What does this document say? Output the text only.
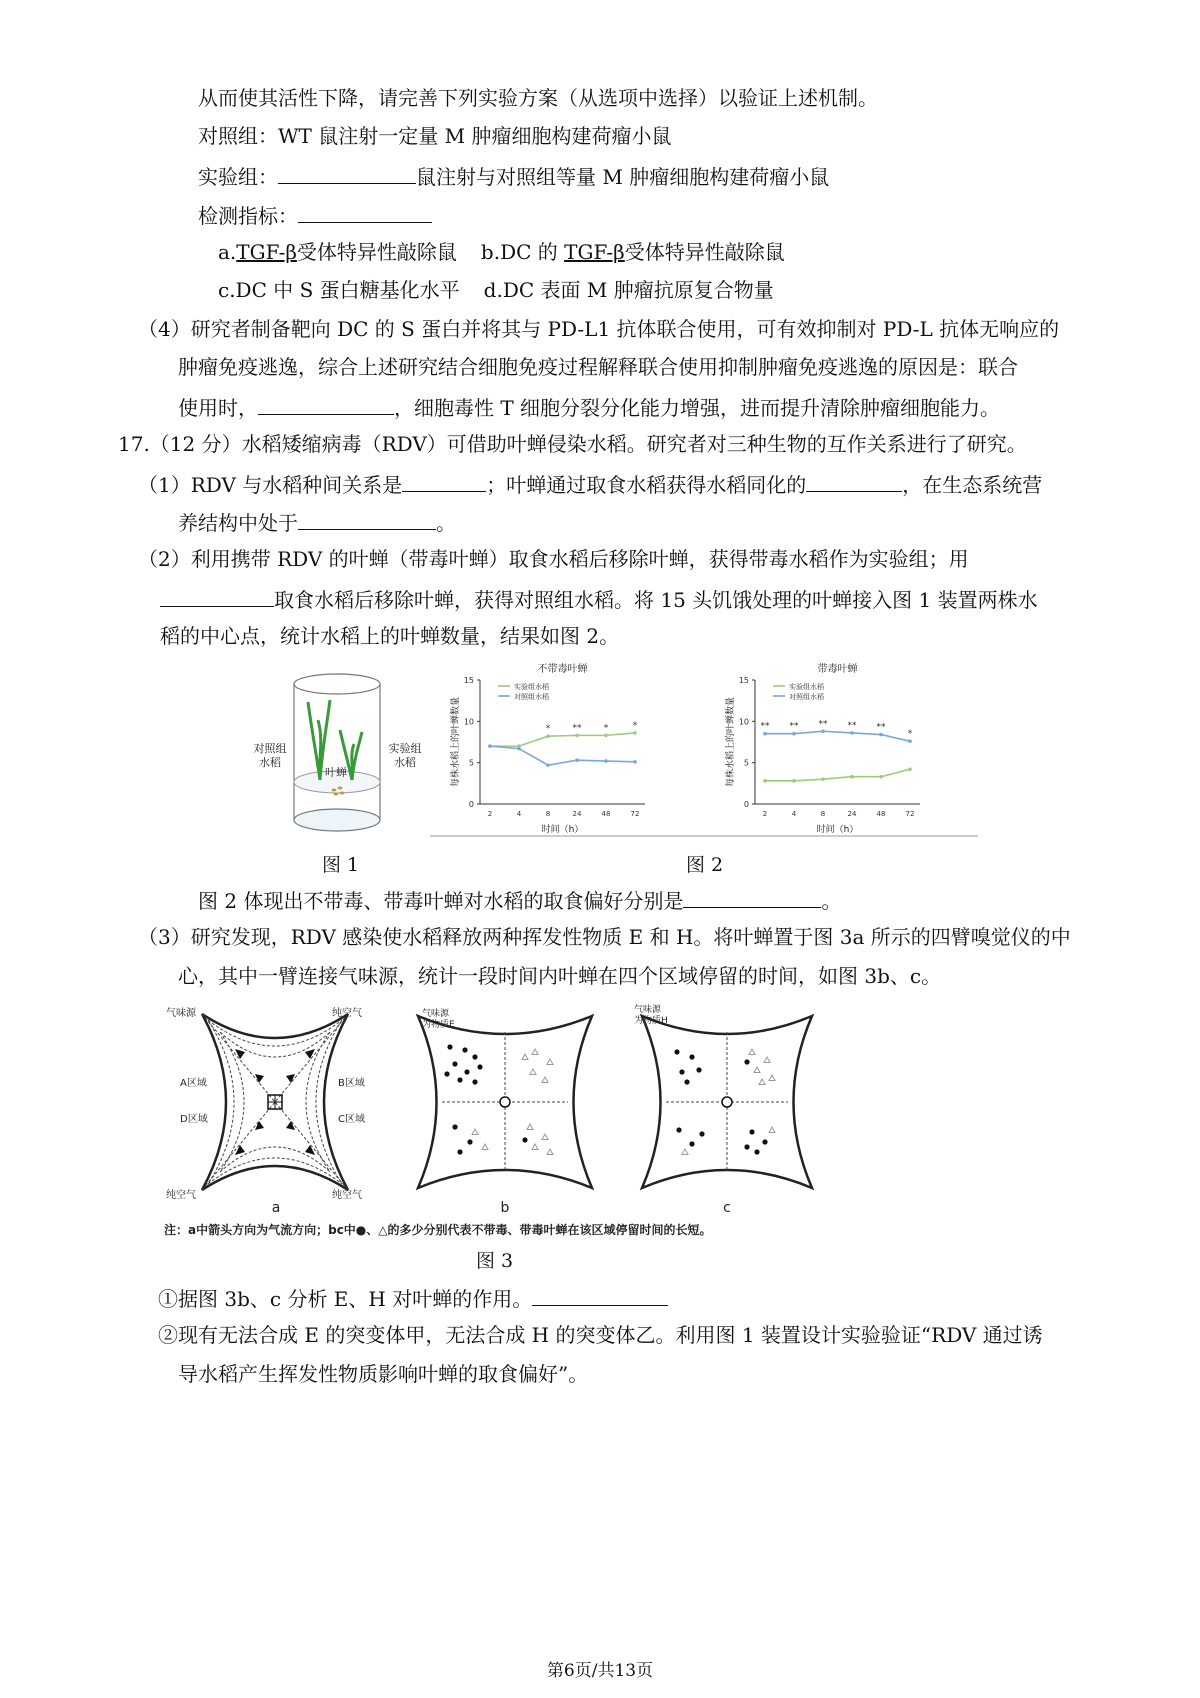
从而使其活性下降，请完善下列实验方案（从选项中选择）以验证上述机制。
对照组：WT 鼠注射一定量 M 肿瘤细胞构建荷瘤小鼠
实验组：	鼠注射与对照组等量 M 肿瘤细胞构建荷瘤小鼠
检测指标：
a.TGF-β受体特异性敲除鼠 b.DC 的 TGF-β受体特异性敲除鼠
c.DC 中 S 蛋白糖基化水平 d.DC 表面 M 肿瘤抗原复合物量
（4）研究者制备靶向 DC 的 S 蛋白并将其与 PD-L1 抗体联合使用，可有效抑制对 PD-L 抗体无响应的
肿瘤免疫逃逸，综合上述研究结合细胞免疫过程解释联合使用抑制肿瘤免疫逃逸的原因是：联合
使用时，	，细胞毒性 T 细胞分裂分化能力增强，进而提升清除肿瘤细胞能力。
17.（12 分）水稻矮缩病毒（RDV）可借助叶蝉侵染水稻。研究者对三种生物的互作关系进行了研究。
（1）RDV 与水稻种间关系是	；叶蝉通过取食水稻获得水稻同化的	，在生态系统营
养结构中处于	。
（2）利用携带 RDV 的叶蝉（带毒叶蝉）取食水稻后移除叶蝉，获得带毒水稻作为实验组；用
取食水稻后移除叶蝉，获得对照组水稻。将 15 头饥饿处理的叶蝉接入图 1 装置两株水
稻的中心点，统计水稻上的叶蝉数量，结果如图 2。
叶蝉
对照组
水稻
实验组
水稻
0
5
10
15
2	4	8	24	48	72
不带毒叶蝉
时间（h）
每株水稻上的叶蝉数量
实验组水稻
对照组水稻
* ** *	*
0
5
10
15
2	4	8	24	48	72
带毒叶蝉
时间（h）
每株水稻上的叶蝉数量
实验组水稻
对照组水稻
** ** ** ** **
*
图 1	图 2
图 2 体现出不带毒、带毒叶蝉对水稻的取食偏好分别是	。
（3）研究发现，RDV 感染使水稻释放两种挥发性物质 E 和 H。将叶蝉置于图 3a 所示的四臂嗅觉仪的中
心，其中一臂连接气味源，统计一段时间内叶蝉在四个区域停留的时间，如图 3b、c。
气味源	纯空气
纯空气	纯空气
A区域	B区域
D区域	C区域
a
气味源
为物质E
b
气味源
为物质H
c
注：a中箭头方向为气流方向；bc中●、△的多少分别代表不带毒、带毒叶蝉在该区域停留时间的长短。
图 3
①据图 3b、c 分析 E、H 对叶蝉的作用。
②现有无法合成 E 的突变体甲，无法合成 H 的突变体乙。利用图 1 装置设计实验验证“RDV 通过诱
导水稻产生挥发性物质影响叶蝉的取食偏好”。
第6页/共13页
